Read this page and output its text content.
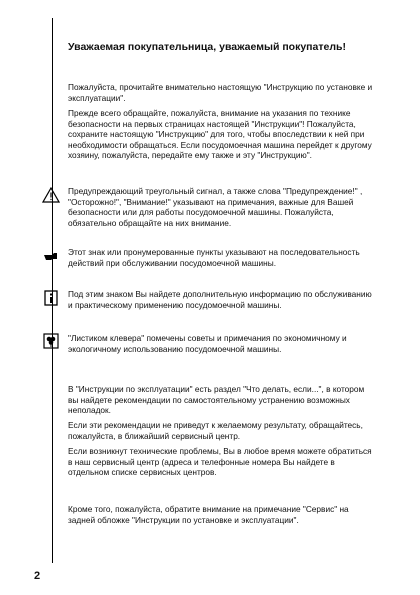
Уважаемая покупательница, уважаемый покупатель!
Пожалуйста, прочитайте внимательно настоящую "Инструкцию по установке и эксплуатации".
Прежде всего обращайте, пожалуйста, внимание на указания по технике безопасности на первых страницах настоящей "Инструкции"! Пожалуйста, сохраните настоящую "Инструкцию" для того, чтобы впоследствии к ней при необходимости обращаться. Если посудомоечная машина перейдет к другому хозяину, пожалуйста, передайте ему также и эту "Инструкцию".
Предупреждающий треугольный сигнал, а также слова "Предупреждение!" , "Осторожно!", "Внимание!" указывают на примечания, важные для Вашей безопасности или для работы посудомоечной машины. Пожалуйста, обязательно обращайте на них внимание.
Этот знак или пронумерованные пункты указывают на последовательность действий при обслуживании посудомоечной машины.
Под этим знаком Вы найдете дополнительную информацию по обслуживанию и практическому применению посудомоечной машины.
"Листиком клевера" помечены советы и примечания по экономичному и экологичному использованию посудомоечной машины.
В "Инструкции по эксплуатации" есть раздел "Что делать, если...", в котором вы найдете рекомендации по самостоятельному устранению возможных неполадок.
Если эти рекомендации не приведут к желаемому результату, обращайтесь, пожалуйста, в ближайший сервисный центр.
Если возникнут технические проблемы, Вы в любое время можете обратиться в наш сервисный центр (адреса и телефонные номера Вы найдете в отдельном списке сервисных центров.
Кроме того, пожалуйста, обратите внимание на примечание "Сервис" на задней обложке "Инструкции по установке и эксплуатации".
2
